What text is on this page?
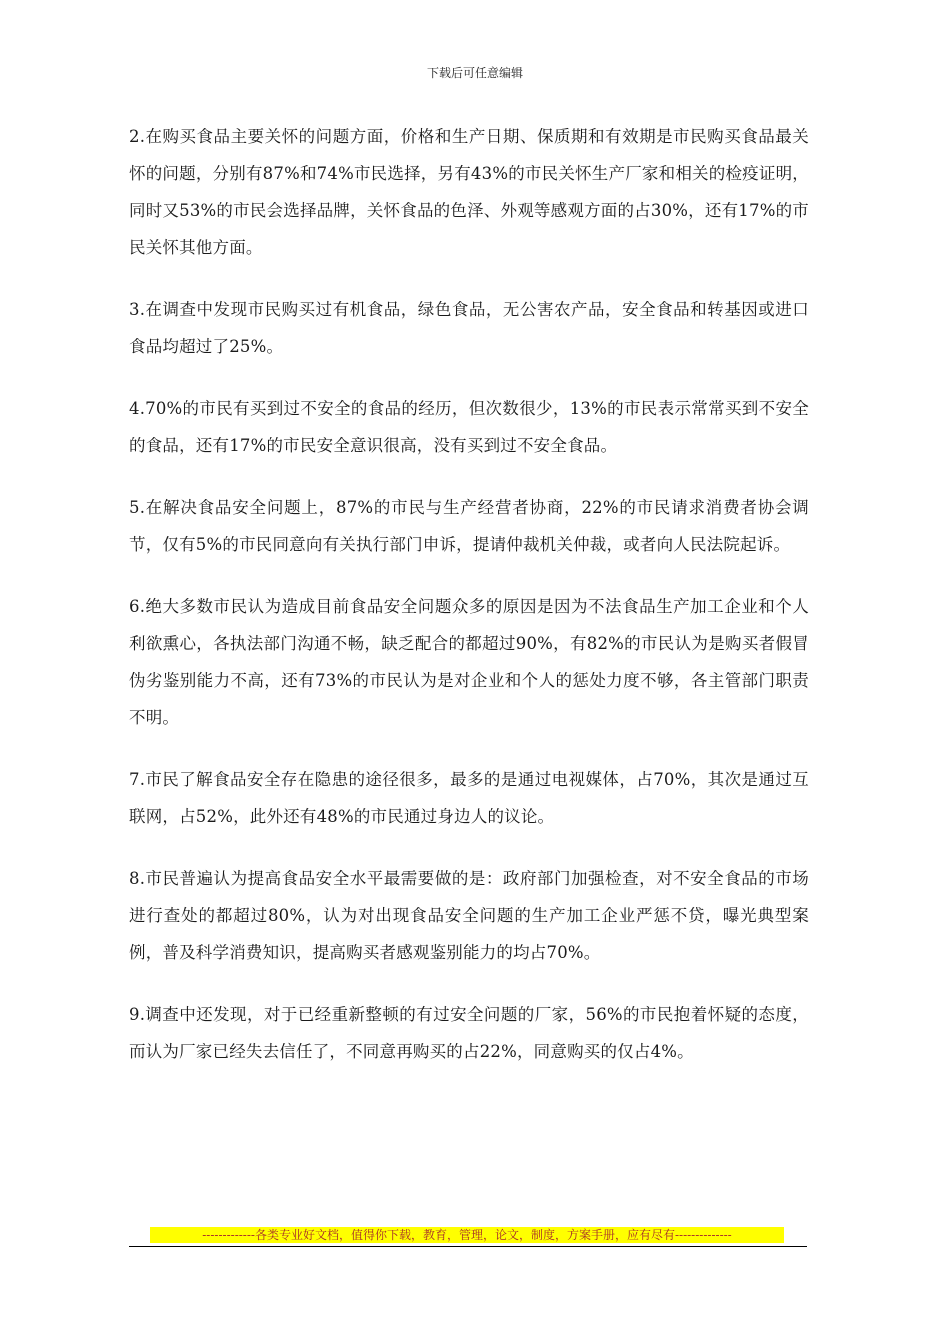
下载后可任意编辑

2.在购买食品主要关怀的问题方面，价格和生产日期、保质期和有效期是市民购买食品最关怀的问题，分别有87%和74%市民选择，另有43%的市民关怀生产厂家和相关的检疫证明，同时又53%的市民会选择品牌，关怀食品的色泽、外观等感观方面的占30%，还有17%的市民关怀其他方面。

3.在调查中发现市民购买过有机食品，绿色食品，无公害农产品，安全食品和转基因或进口食品均超过了25%。

4.70%的市民有买到过不安全的食品的经历，但次数很少，13%的市民表示常常买到不安全的食品，还有17%的市民安全意识很高，没有买到过不安全食品。

5.在解决食品安全问题上，87%的市民与生产经营者协商，22%的市民请求消费者协会调节，仅有5%的市民同意向有关执行部门申诉，提请仲裁机关仲裁，或者向人民法院起诉。

6.绝大多数市民认为造成目前食品安全问题众多的原因是因为不法食品生产加工企业和个人利欲熏心，各执法部门沟通不畅，缺乏配合的都超过90%，有82%的市民认为是购买者假冒伪劣鉴别能力不高，还有73%的市民认为是对企业和个人的惩处力度不够，各主管部门职责不明。

7.市民了解食品安全存在隐患的途径很多，最多的是通过电视媒体，占70%，其次是通过互联网，占52%，此外还有48%的市民通过身边人的议论。

8.市民普遍认为提高食品安全水平最需要做的是：政府部门加强检查，对不安全食品的市场进行查处的都超过80%，认为对出现食品安全问题的生产加工企业严惩不贷，曝光典型案例，普及科学消费知识，提高购买者感观鉴别能力的均占70%。

9.调查中还发现，对于已经重新整顿的有过安全问题的厂家，56%的市民抱着怀疑的态度，而认为厂家已经失去信任了，不同意再购买的占22%，同意购买的仅占4%。

-------------各类专业好文档，值得你下载，教育，管理，论文，制度，方案手册，应有尽有--------------
